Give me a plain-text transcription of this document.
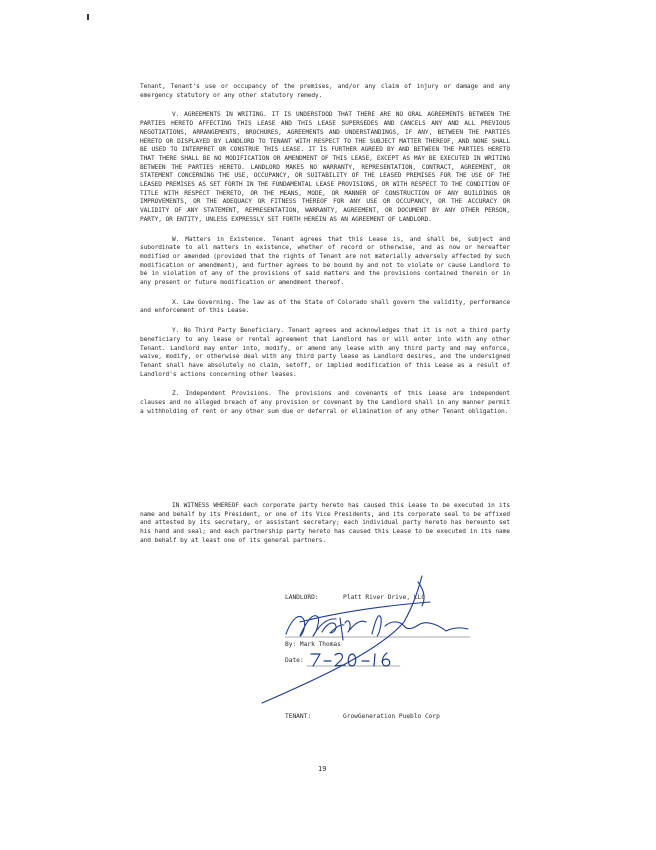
Tenant, Tenant's use or occupancy of the premises, and/or any claim of injury or damage and any emergency statutory or any other statutory remedy.

V. AGREEMENTS IN WRITING. IT IS UNDERSTOOD THAT THERE ARE NO ORAL AGREEMENTS BETWEEN THE PARTIES HERETO AFFECTING THIS LEASE AND THIS LEASE SUPERSEDES AND CANCELS ANY AND ALL PREVIOUS NEGOTIATIONS, ARRANGEMENTS, BROCHURES, AGREEMENTS AND UNDERSTANDINGS, IF ANY, BETWEEN THE PARTIES HERETO OR DISPLAYED BY LANDLORD TO TENANT WITH RESPECT TO THE SUBJECT MATTER THEREOF, AND NONE SHALL BE USED TO INTERPRET OR CONSTRUE THIS LEASE. IT IS FURTHER AGREED BY AND BETWEEN THE PARTIES HERETO THAT THERE SHALL BE NO MODIFICATION OR AMENDMENT OF THIS LEASE, EXCEPT AS MAY BE EXECUTED IN WRITING BETWEEN THE PARTIES HERETO. LANDLORD MAKES NO WARRANTY, REPRESENTATION, CONTRACT, AGREEMENT, OR STATEMENT CONCERNING THE USE, OCCUPANCY, OR SUITABILITY OF THE LEASED PREMISES FOR THE USE OF THE LEASED PREMISES AS SET FORTH IN THE FUNDAMENTAL LEASE PROVISIONS, OR WITH RESPECT TO THE CONDITION OF TITLE WITH RESPECT THERETO, OR THE MEANS, MODE, OR MANNER OF CONSTRUCTION OF ANY BUILDINGS OR IMPROVEMENTS, OR THE ADEQUACY OR FITNESS THEREOF FOR ANY USE OR OCCUPANCY, OR THE ACCURACY OR VALIDITY OF ANY STATEMENT, REPRESENTATION, WARRANTY, AGREEMENT, OR DOCUMENT BY ANY OTHER PERSON, PARTY, OR ENTITY, UNLESS EXPRESSLY SET FORTH HEREIN AS AN AGREEMENT OF LANDLORD.

W. Matters in Existence. Tenant agrees that this Lease is, and shall be, subject and subordinate to all matters in existence, whether of record or otherwise, and as now or hereafter modified or amended (provided that the rights of Tenant are not materially adversely affected by such modification or amendment), and further agrees to be bound by and not to violate or cause Landlord to be in violation of any of the provisions of said matters and the provisions contained therein or in any present or future modification or amendment thereof.

X. Law Governing. The law as of the State of Colorado shall govern the validity, performance and enforcement of this Lease.

Y. No Third Party Beneficiary. Tenant agrees and acknowledges that it is not a third party beneficiary to any lease or rental agreement that Landlord has or will enter into with any other Tenant. Landlord may enter into, modify, or amend any lease with any third party and may enforce, waive, modify, or otherwise deal with any third party lease as Landlord desires, and the undersigned Tenant shall have absolutely no claim, setoff, or implied modification of this Lease as a result of Landlord's actions concerning other leases.

Z. Independent Provisions. The provisions and covenants of this Lease are independent clauses and no alleged breach of any provision or covenant by the Landlord shall in any manner permit a withholding of rent or any other sum due or deferral or elimination of any other Tenant obligation.

IN WITNESS WHEREOF each corporate party hereto has caused this Lease to be executed in its name and behalf by its President, or one of its Vice Presidents, and its corporate seal to be affixed and attested by its secretary, or assistant secretary; each individual party hereto has hereunto set his hand and seal; and each partnership party hereto has caused this Lease to be executed in its name and behalf by at least one of its general partners.

LANDLORD:	Platt River Drive, LLC
By: Mark Thomas
Date:
TENANT:	GrowGeneration Pueblo Corp
19
